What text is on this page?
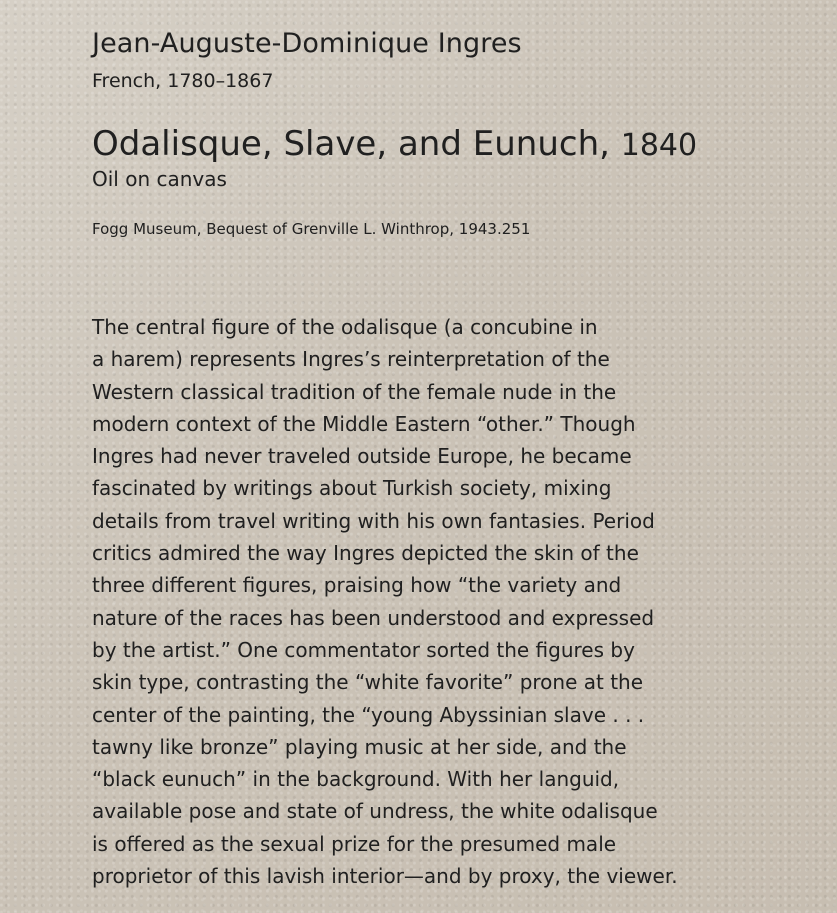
Jean-Auguste-Dominique Ingres

French, 1780–1867

Odalisque, Slave, and Eunuch, 1840

Oil on canvas

Fogg Museum, Bequest of Grenville L. Winthrop, 1943.251

The central figure of the odalisque (a concubine in
a harem) represents Ingres’s reinterpretation of the
Western classical tradition of the female nude in the
modern context of the Middle Eastern “other.” Though
Ingres had never traveled outside Europe, he became
fascinated by writings about Turkish society, mixing
details from travel writing with his own fantasies. Period
critics admired the way Ingres depicted the skin of the
three different figures, praising how “the variety and
nature of the races has been understood and expressed
by the artist.” One commentator sorted the figures by
skin type, contrasting the “white favorite” prone at the
center of the painting, the “young Abyssinian slave . . .
tawny like bronze” playing music at her side, and the
“black eunuch” in the background. With her languid,
available pose and state of undress, the white odalisque
is offered as the sexual prize for the presumed male
proprietor of this lavish interior—and by proxy, the viewer.
